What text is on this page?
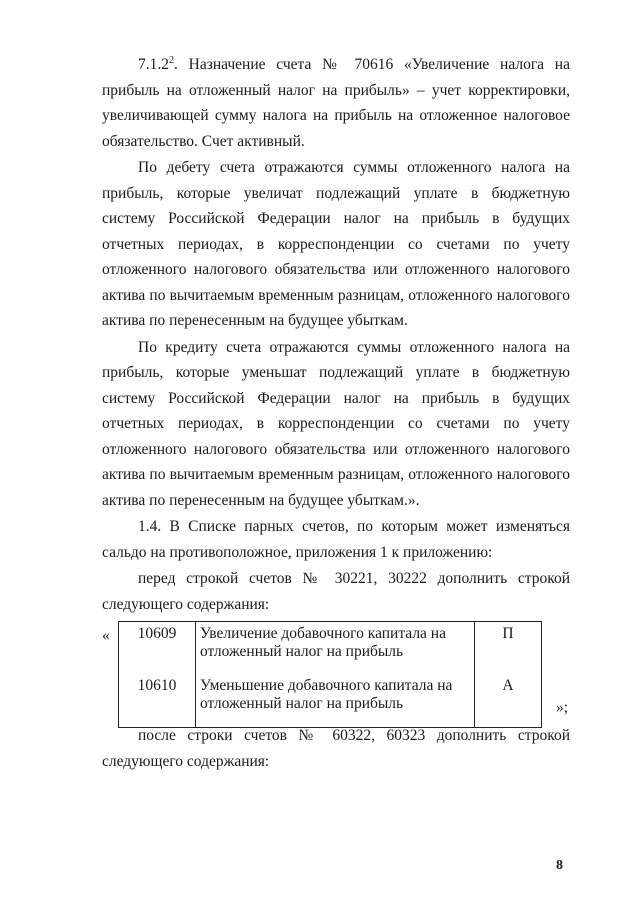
7.1.2$^2$. Назначение счета № 70616 «Увеличение налога на прибыль на отложенный налог на прибыль» – учет корректировки, увеличивающей сумму налога на прибыль на отложенное налоговое обязательство. Счет активный.

По дебету счета отражаются суммы отложенного налога на прибыль, которые увеличат подлежащий уплате в бюджетную систему Российской Федерации налог на прибыль в будущих отчетных периодах, в корреспонденции со счетами по учету отложенного налогового обязательства или отложенного налогового актива по вычитаемым временным разницам, отложенного налогового актива по перенесенным на будущее убыткам.

По кредиту счета отражаются суммы отложенного налога на прибыль, которые уменьшат подлежащий уплате в бюджетную систему Российской Федерации налог на прибыль в будущих отчетных периодах, в корреспонденции со счетами по учету отложенного налогового обязательства или отложенного налогового актива по вычитаемым временным разницам, отложенного налогового актива по перенесенным на будущее убыткам.».

1.4. В Списке парных счетов, по которым может изменяться сальдо на противоположное, приложения 1 к приложению:

перед строкой счетов № 30221, 30222 дополнить строкой следующего содержания:

« 10609	Увеличение добавочного капитала на отложенный налог на прибыль	П
10610	Уменьшение добавочного капитала на отложенный налог на прибыль	А
»;

после строки счетов № 60322, 60323 дополнить строкой следующего содержания:

8
